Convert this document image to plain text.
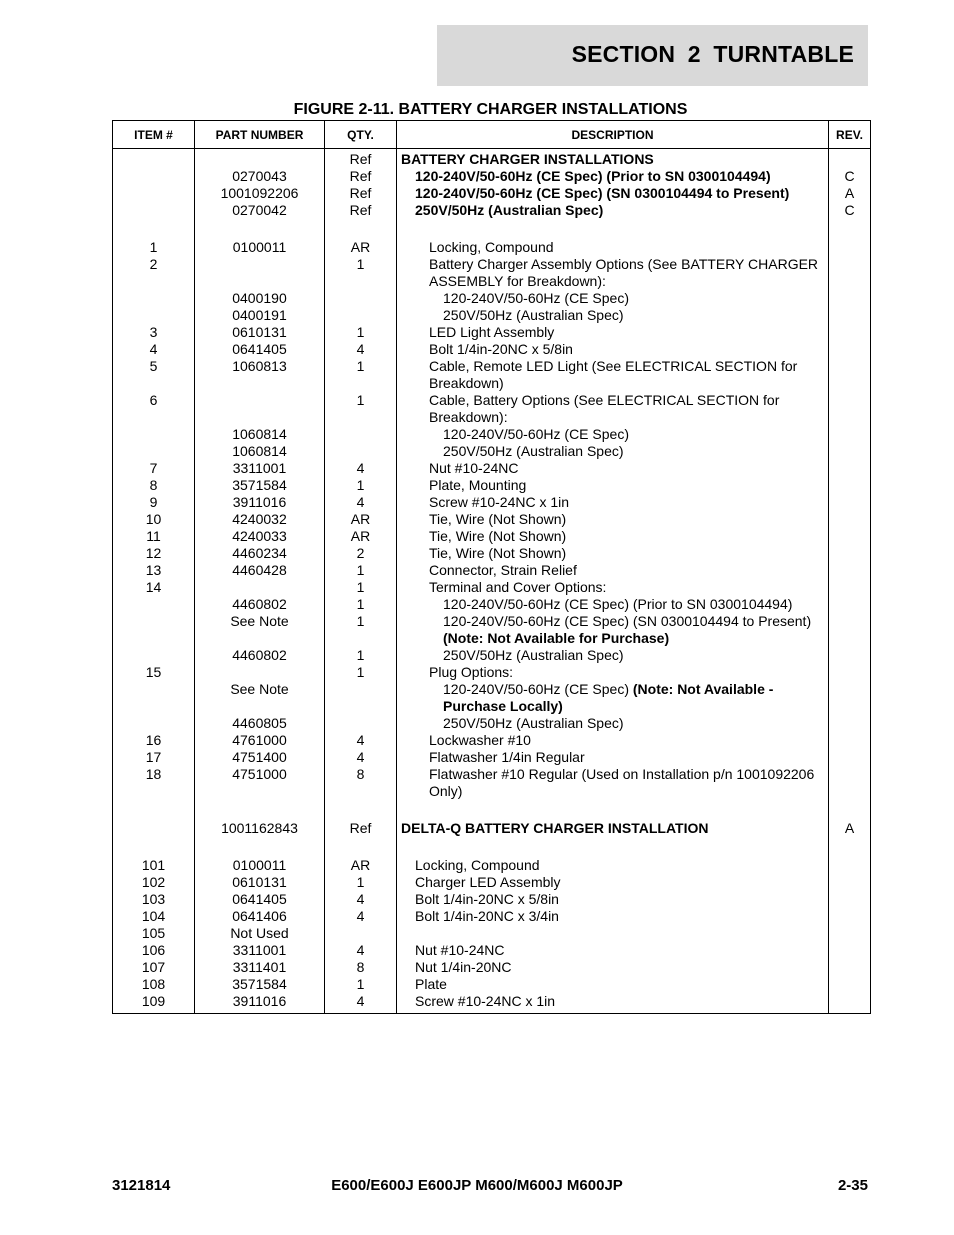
SECTION 2 TURNTABLE
FIGURE 2-11. BATTERY CHARGER INSTALLATIONS
ITEM #	PART NUMBER	QTY.	DESCRIPTION	REV.
		Ref	BATTERY CHARGER INSTALLATIONS	

	0270043	Ref	120-240V/50-60Hz (CE Spec) (Prior to SN 0300104494)	C
	1001092206	Ref	120-240V/50-60Hz (CE Spec) (SN 0300104494 to Present)	A
	0270042	Ref	250V/50Hz (Australian Spec)	C

1	0100011	AR	Locking, Compound	

2		1	Battery Charger Assembly Options (See BATTERY CHARGER ASSEMBLY for Breakdown):	

	0400190		120-240V/50-60Hz (CE Spec)	

	0400191		250V/50Hz (Australian Spec)	

3	0610131	1	LED Light Assembly	

4	0641405	4	Bolt 1/4in-20NC x 5/8in	

5	1060813	1	Cable, Remote LED Light (See ELECTRICAL SECTION for Breakdown)	

6		1	Cable, Battery Options (See ELECTRICAL SECTION for Breakdown):	

	1060814		120-240V/50-60Hz (CE Spec)	

	1060814		250V/50Hz (Australian Spec)	

7	3311001	4	Nut #10-24NC	

8	3571584	1	Plate, Mounting	

9	3911016	4	Screw #10-24NC x 1in	

10	4240032	AR	Tie, Wire (Not Shown)	

11	4240033	AR	Tie, Wire (Not Shown)	

12	4460234	2	Tie, Wire (Not Shown)	

13	4460428	1	Connector, Strain Relief	

14		1	Terminal and Cover Options:	

	4460802	1	120-240V/50-60Hz (CE Spec) (Prior to SN 0300104494)	

	See Note	1	120-240V/50-60Hz (CE Spec) (SN 0300104494 to Present)
(Note: Not Available for Purchase)	

	4460802	1	250V/50Hz (Australian Spec)	

15		1	Plug Options:	

	See Note		120-240V/50-60Hz (CE Spec) (Note: Not Available - Purchase Locally)	

	4460805		250V/50Hz (Australian Spec)	

16	4761000	4	Lockwasher #10	

17	4751400	4	Flatwasher 1/4in Regular	

18	4751000	8	Flatwasher #10 Regular (Used on Installation p/n 1001092206 Only)	

	1001162843	Ref	DELTA-Q BATTERY CHARGER INSTALLATION	A

101	0100011	AR	Locking, Compound	

102	0610131	1	Charger LED Assembly	

103	0641405	4	Bolt 1/4in-20NC x 5/8in	

104	0641406	4	Bolt 1/4in-20NC x 3/4in	

105	Not Used		

106	3311001	4	Nut #10-24NC	

107	3311401	8	Nut 1/4in-20NC	

108	3571584	1	Plate	

109	3911016	4	Screw #10-24NC x 1in	

3121814	E600/E600J E600JP M600/M600J M600JP	2-35
